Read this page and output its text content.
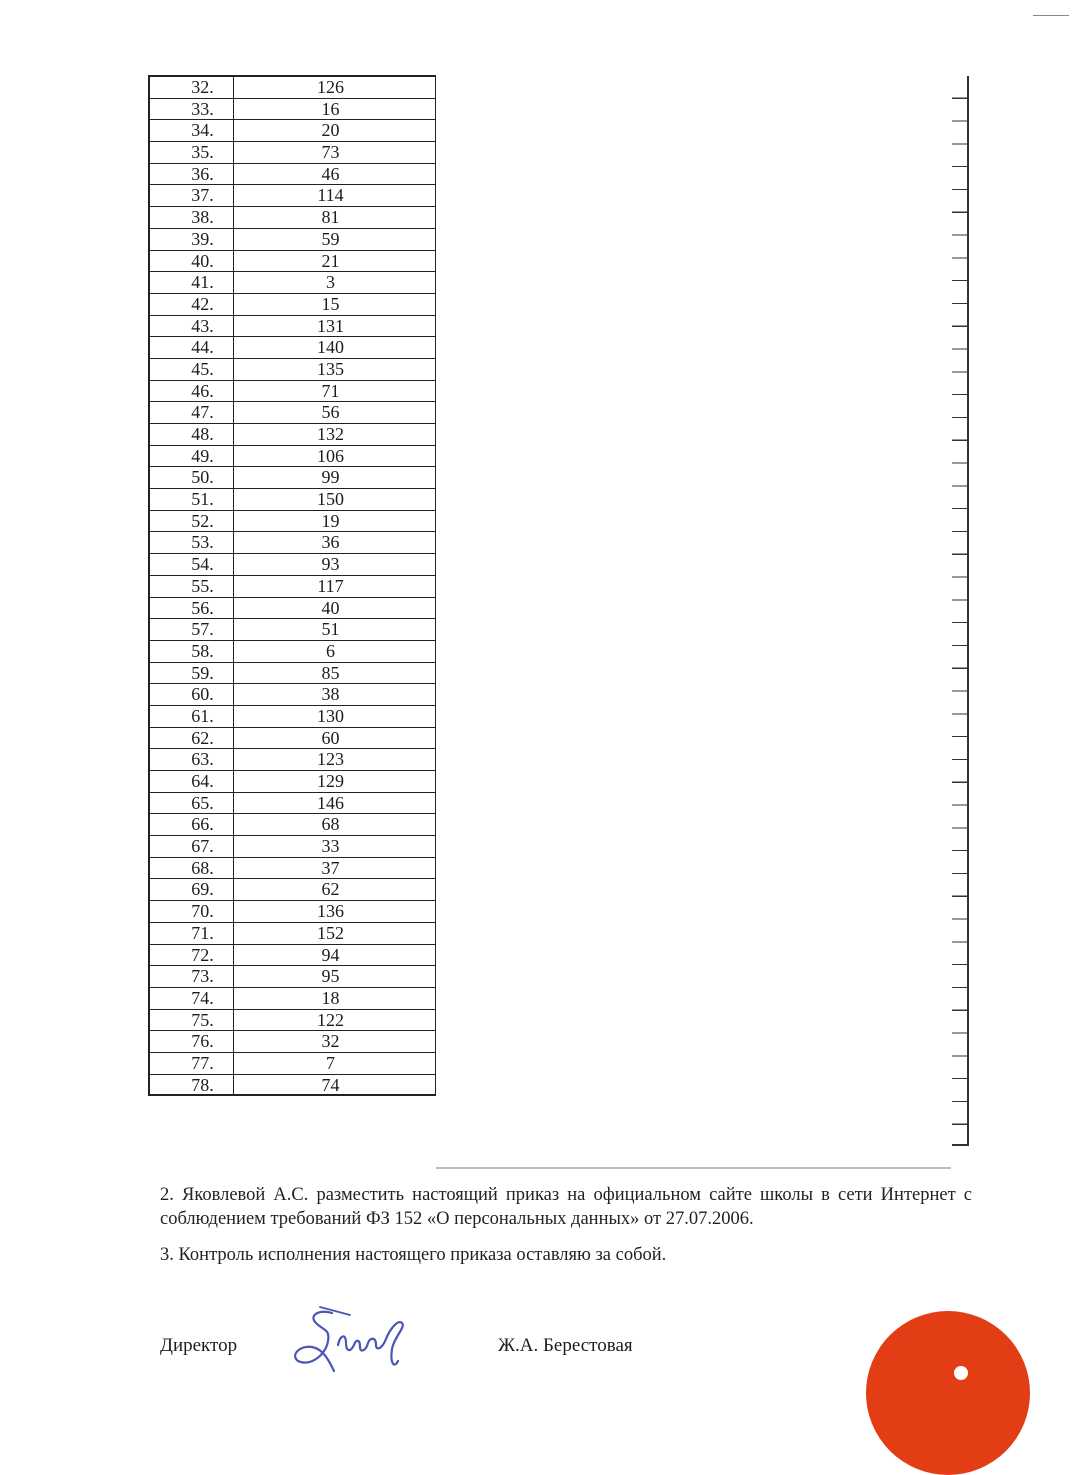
32.	126
33.	16
34.	20
35.	73
36.	46
37.	114
38.	81
39.	59
40.	21
41.	3
42.	15
43.	131
44.	140
45.	135
46.	71
47.	56
48.	132
49.	106
50.	99
51.	150
52.	19
53.	36
54.	93
55.	117
56.	40
57.	51
58.	6
59.	85
60.	38
61.	130
62.	60
63.	123
64.	129
65.	146
66.	68
67.	33
68.	37
69.	62
70.	136
71.	152
72.	94
73.	95
74.	18
75.	122
76.	32
77.	7
78.	74
2. Яковлевой А.С. разместить настоящий приказ на официальном сайте школы в сети Интернет с соблюдением требований ФЗ 152 «О персональных данных» от 27.07.2006.
3. Контроль исполнения настоящего приказа оставляю за собой.
Директор	Ж.А. Берестовая
